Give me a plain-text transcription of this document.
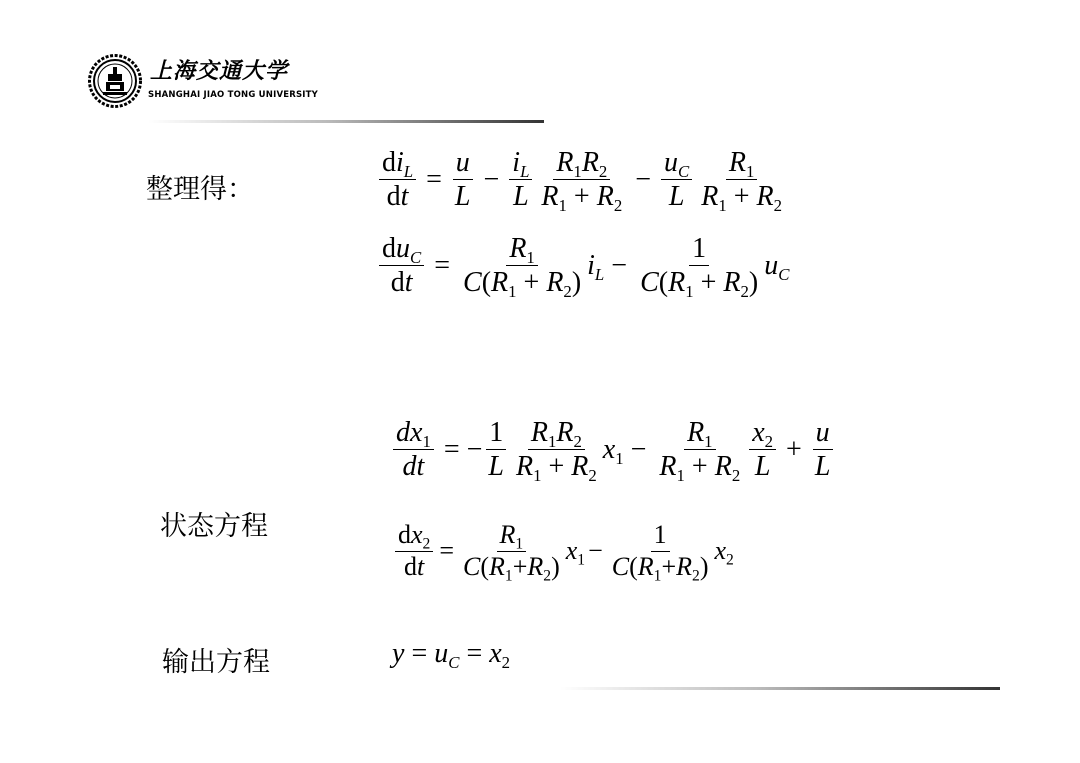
上海交通大学
SHANGHAI JIAO TONG UNIVERSITY
整理得：
状态方程
输出方程
$di_L$
dt
= $\frac{u}{L} - \frac{i_L}{L} R_1R_2$
$R_1 + R_2$
− $\frac{u_C}{L} R_1$
$R_1 + R_2$
$du_C$
dt
= $\frac{R_1}{C(R_1 + R_2)} i_L - \frac{1}{C(R_1 + R_2)} u_C$
$\frac{dx_1}{dt}$ = − $\frac{1}{L} R_1R_2$
$R_1 + R_2$
$x_1 - \frac{R_1}{R_1 + R_2} x_2$
L
+ $\frac{u}{L}$
$\frac{dx_2}{dt} = \frac{R_1}{C(R_1+R_2)} x_1 - \frac{1}{C(R_1+R_2)} x_2$
$y = u_C = x_2$
